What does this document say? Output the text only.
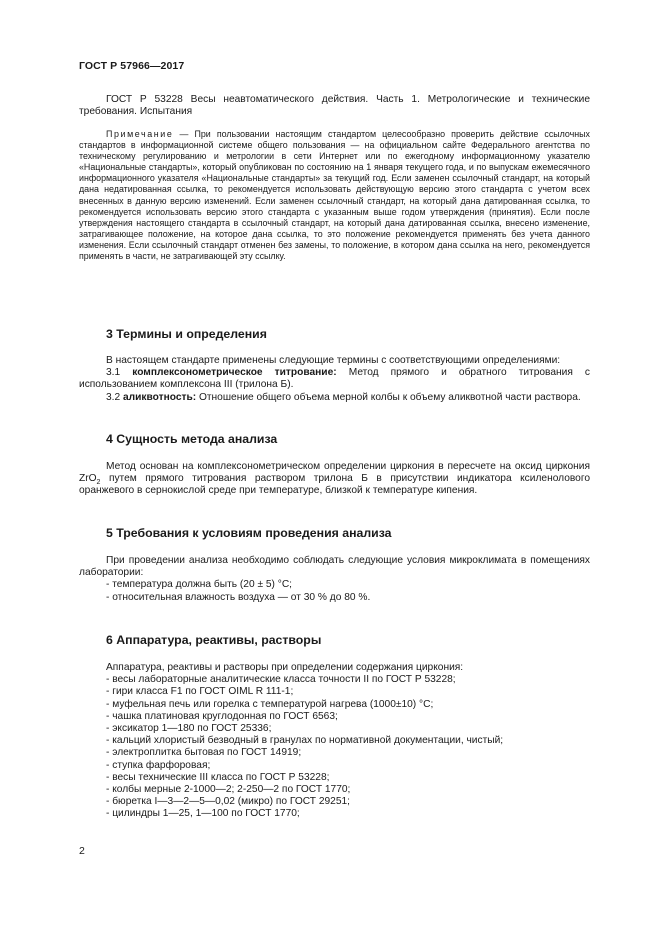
ГОСТ Р 57966—2017

ГОСТ Р 53228 Весы неавтоматического действия. Часть 1. Метрологические и технические требования. Испытания

Примечание — При пользовании настоящим стандартом целесообразно проверить действие ссылочных стандартов в информационной системе общего пользования — на официальном сайте Федерального агентства по техническому регулированию и метрологии в сети Интернет или по ежегодному информационному указателю «Национальные стандарты», который опубликован по состоянию на 1 января текущего года, и по выпускам ежемесячного информационного указателя «Национальные стандарты» за текущий год. Если заменен ссылочный стандарт, на который дана недатированная ссылка, то рекомендуется использовать действующую версию этого стандарта с учетом всех внесенных в данную версию изменений. Если заменен ссылочный стандарт, на который дана датированная ссылка, то рекомендуется использовать версию этого стандарта с указанным выше годом утверждения (принятия). Если после утверждения настоящего стандарта в ссылочный стандарт, на который дана датированная ссылка, внесено изменение, затрагивающее положение, на которое дана ссылка, то это положение рекомендуется применять без учета данного изменения. Если ссылочный стандарт отменен без замены, то положение, в котором дана ссылка на него, рекомендуется применять в части, не затрагивающей эту ссылку.

3 Термины и определения

В настоящем стандарте применены следующие термины с соответствующими определениями:

3.1 комплексонометрическое титрование: Метод прямого и обратного титрования с использованием комплексона III (трилона Б).

3.2 аликвотность: Отношение общего объема мерной колбы к объему аликвотной части раствора.

4 Сущность метода анализа

Метод основан на комплексонометрическом определении циркония в пересчете на оксид циркония ZrO$_2$ путем прямого титрования раствором трилона Б в присутствии индикатора ксиленолового оранжевого в сернокислой среде при температуре, близкой к температуре кипения.

5 Требования к условиям проведения анализа

При проведении анализа необходимо соблюдать следующие условия микроклимата в помещениях лаборатории:

- температура должна быть (20 ± 5) °С;

- относительная влажность воздуха — от 30 % до 80 %.

6 Аппаратура, реактивы, растворы

Аппаратура, реактивы и растворы при определении содержания циркония:

- весы лабораторные аналитические класса точности II по ГОСТ Р 53228;

- гири класса F1 по ГОСТ OIML R 111-1;

- муфельная печь или горелка с температурой нагрева (1000±10) °С;

- чашка платиновая круглодонная по ГОСТ 6563;

- эксикатор 1—180 по ГОСТ 25336;

- кальций хлористый безводный в гранулах по нормативной документации, чистый;

- электроплитка бытовая по ГОСТ 14919;

- ступка фарфоровая;

- весы технические III класса по ГОСТ Р 53228;

- колбы мерные 2-1000—2; 2-250—2 по ГОСТ 1770;

- бюретка I—3—2—5—0,02 (микро) по ГОСТ 29251;

- цилиндры 1—25, 1—100 по ГОСТ 1770;

2
